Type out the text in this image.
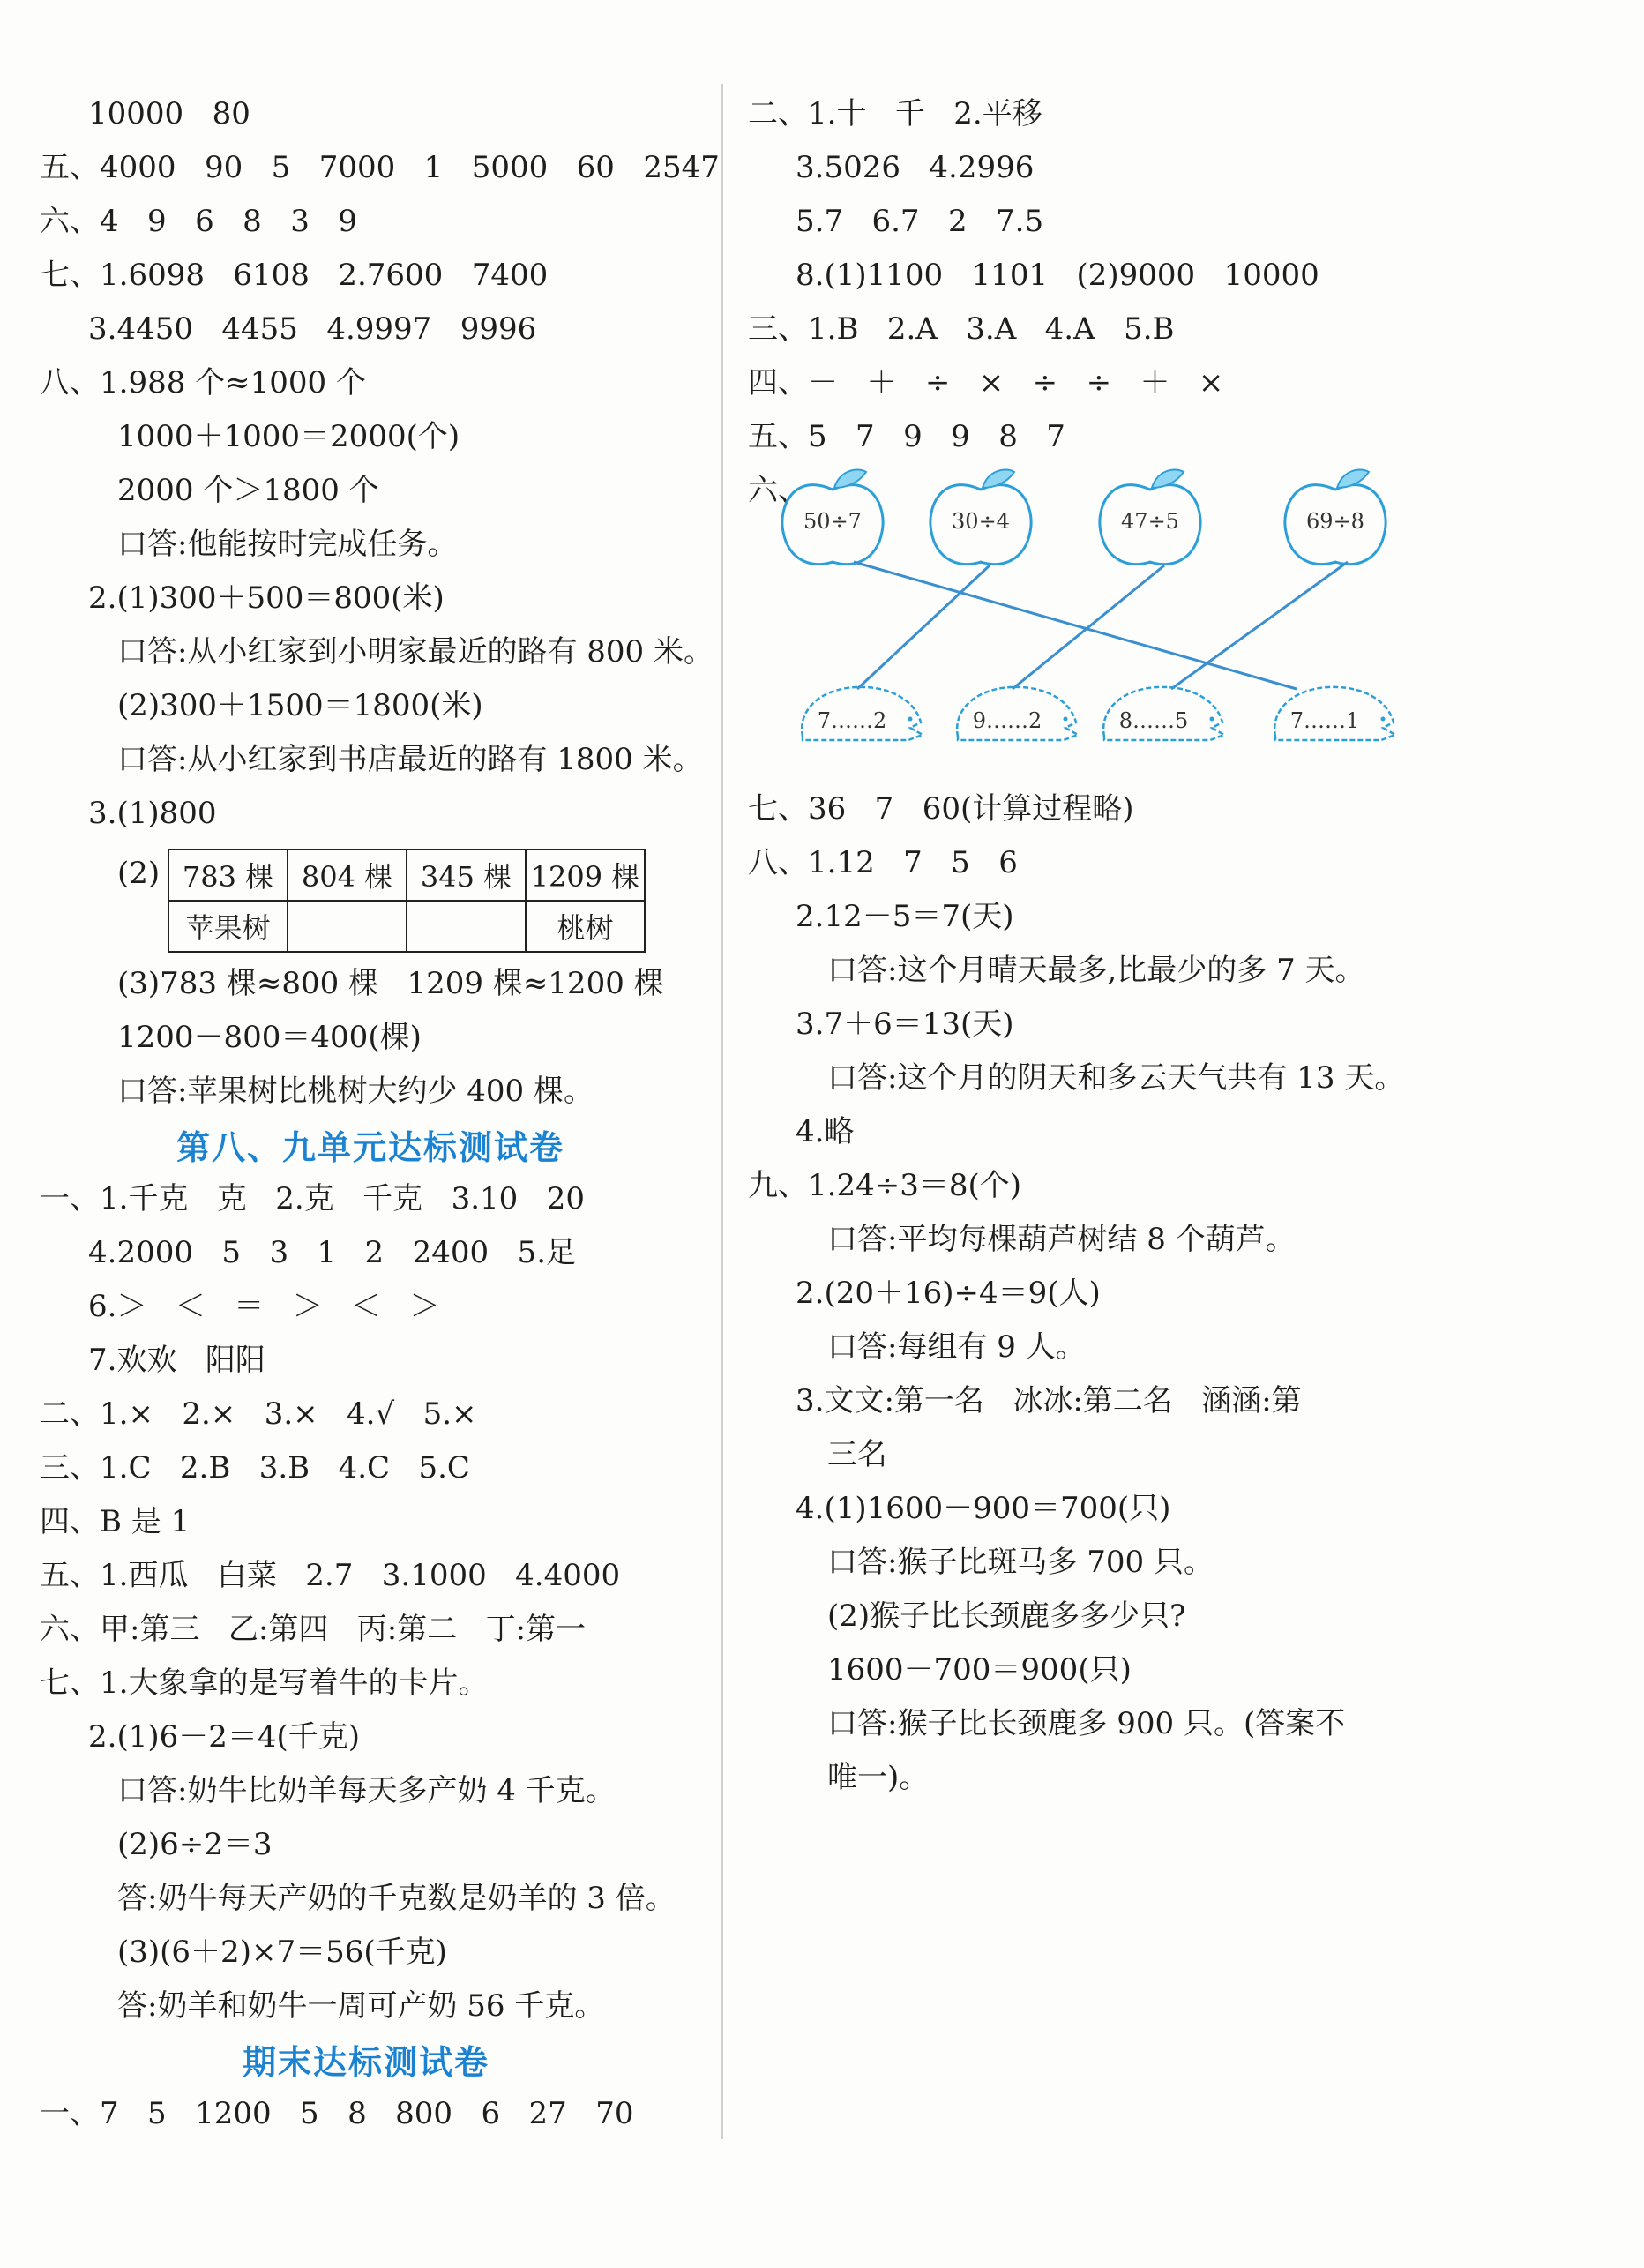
10000   80
五、4000   90   5   7000   1   5000   60   2547
六、4   9   6   8   3   9
七、1.6098   6108   2.7600   7400
3.4450   4455   4.9997   9996
八、1.988 个≈1000 个
1000＋1000＝2000(个)
2000 个＞1800 个
口答:他能按时完成任务。
2.(1)300＋500＝800(米)
口答:从小红家到小明家最近的路有 800 米。
(2)300＋1500＝1800(米)
口答:从小红家到书店最近的路有 1800 米。
3.(1)800
(2) 783 棵	804 棵	345 棵	1209 棵
苹果树			桃树
(3)783 棵≈800 棵   1209 棵≈1200 棵
1200－800＝400(棵)
口答:苹果树比桃树大约少 400 棵。
第八、九单元达标测试卷
一、1.千克   克   2.克   千克   3.10   20
4.2000   5   3   1   2   2400   5.足
6.＞   ＜   ＝   ＞   ＜   ＞
7.欢欢   阳阳
二、1.×   2.×   3.×   4.√   5.×
三、1.C   2.B   3.B   4.C   5.C
四、B 是 1
五、1.西瓜   白菜   2.7   3.1000   4.4000
六、甲:第三   乙:第四   丙:第二   丁:第一
七、1.大象拿的是写着牛的卡片。
2.(1)6－2＝4(千克)
口答:奶牛比奶羊每天多产奶 4 千克。
(2)6÷2＝3
答:奶牛每天产奶的千克数是奶羊的 3 倍。
(3)(6＋2)×7＝56(千克)
答:奶羊和奶牛一周可产奶 56 千克。
期末达标测试卷
一、7   5   1200   5   8   800   6   27   70
二、1.十   千   2.平移
3.5026   4.2996
5.7   6.7   2   7.5
8.(1)1100   1101   (2)9000   10000
三、1.B   2.A   3.A   4.A   5.B
四、－   ＋   ÷   ×   ÷   ÷   ＋   ×
五、5   7   9   9   8   7
六、
50÷7	30÷4	47÷5	69÷8
7……2	9……2	8……5	7……1
七、36   7   60(计算过程略)
八、1.12   7   5   6
2.12－5＝7(天)
口答:这个月晴天最多,比最少的多 7 天。
3.7＋6＝13(天)
口答:这个月的阴天和多云天气共有 13 天。
4.略
九、1.24÷3＝8(个)
口答:平均每棵葫芦树结 8 个葫芦。
2.(20＋16)÷4＝9(人)
口答:每组有 9 人。
3.文文:第一名   冰冰:第二名   涵涵:第
三名
4.(1)1600－900＝700(只)
口答:猴子比斑马多 700 只。
(2)猴子比长颈鹿多多少只?
1600－700＝900(只)
口答:猴子比长颈鹿多 900 只。(答案不
唯一)。
